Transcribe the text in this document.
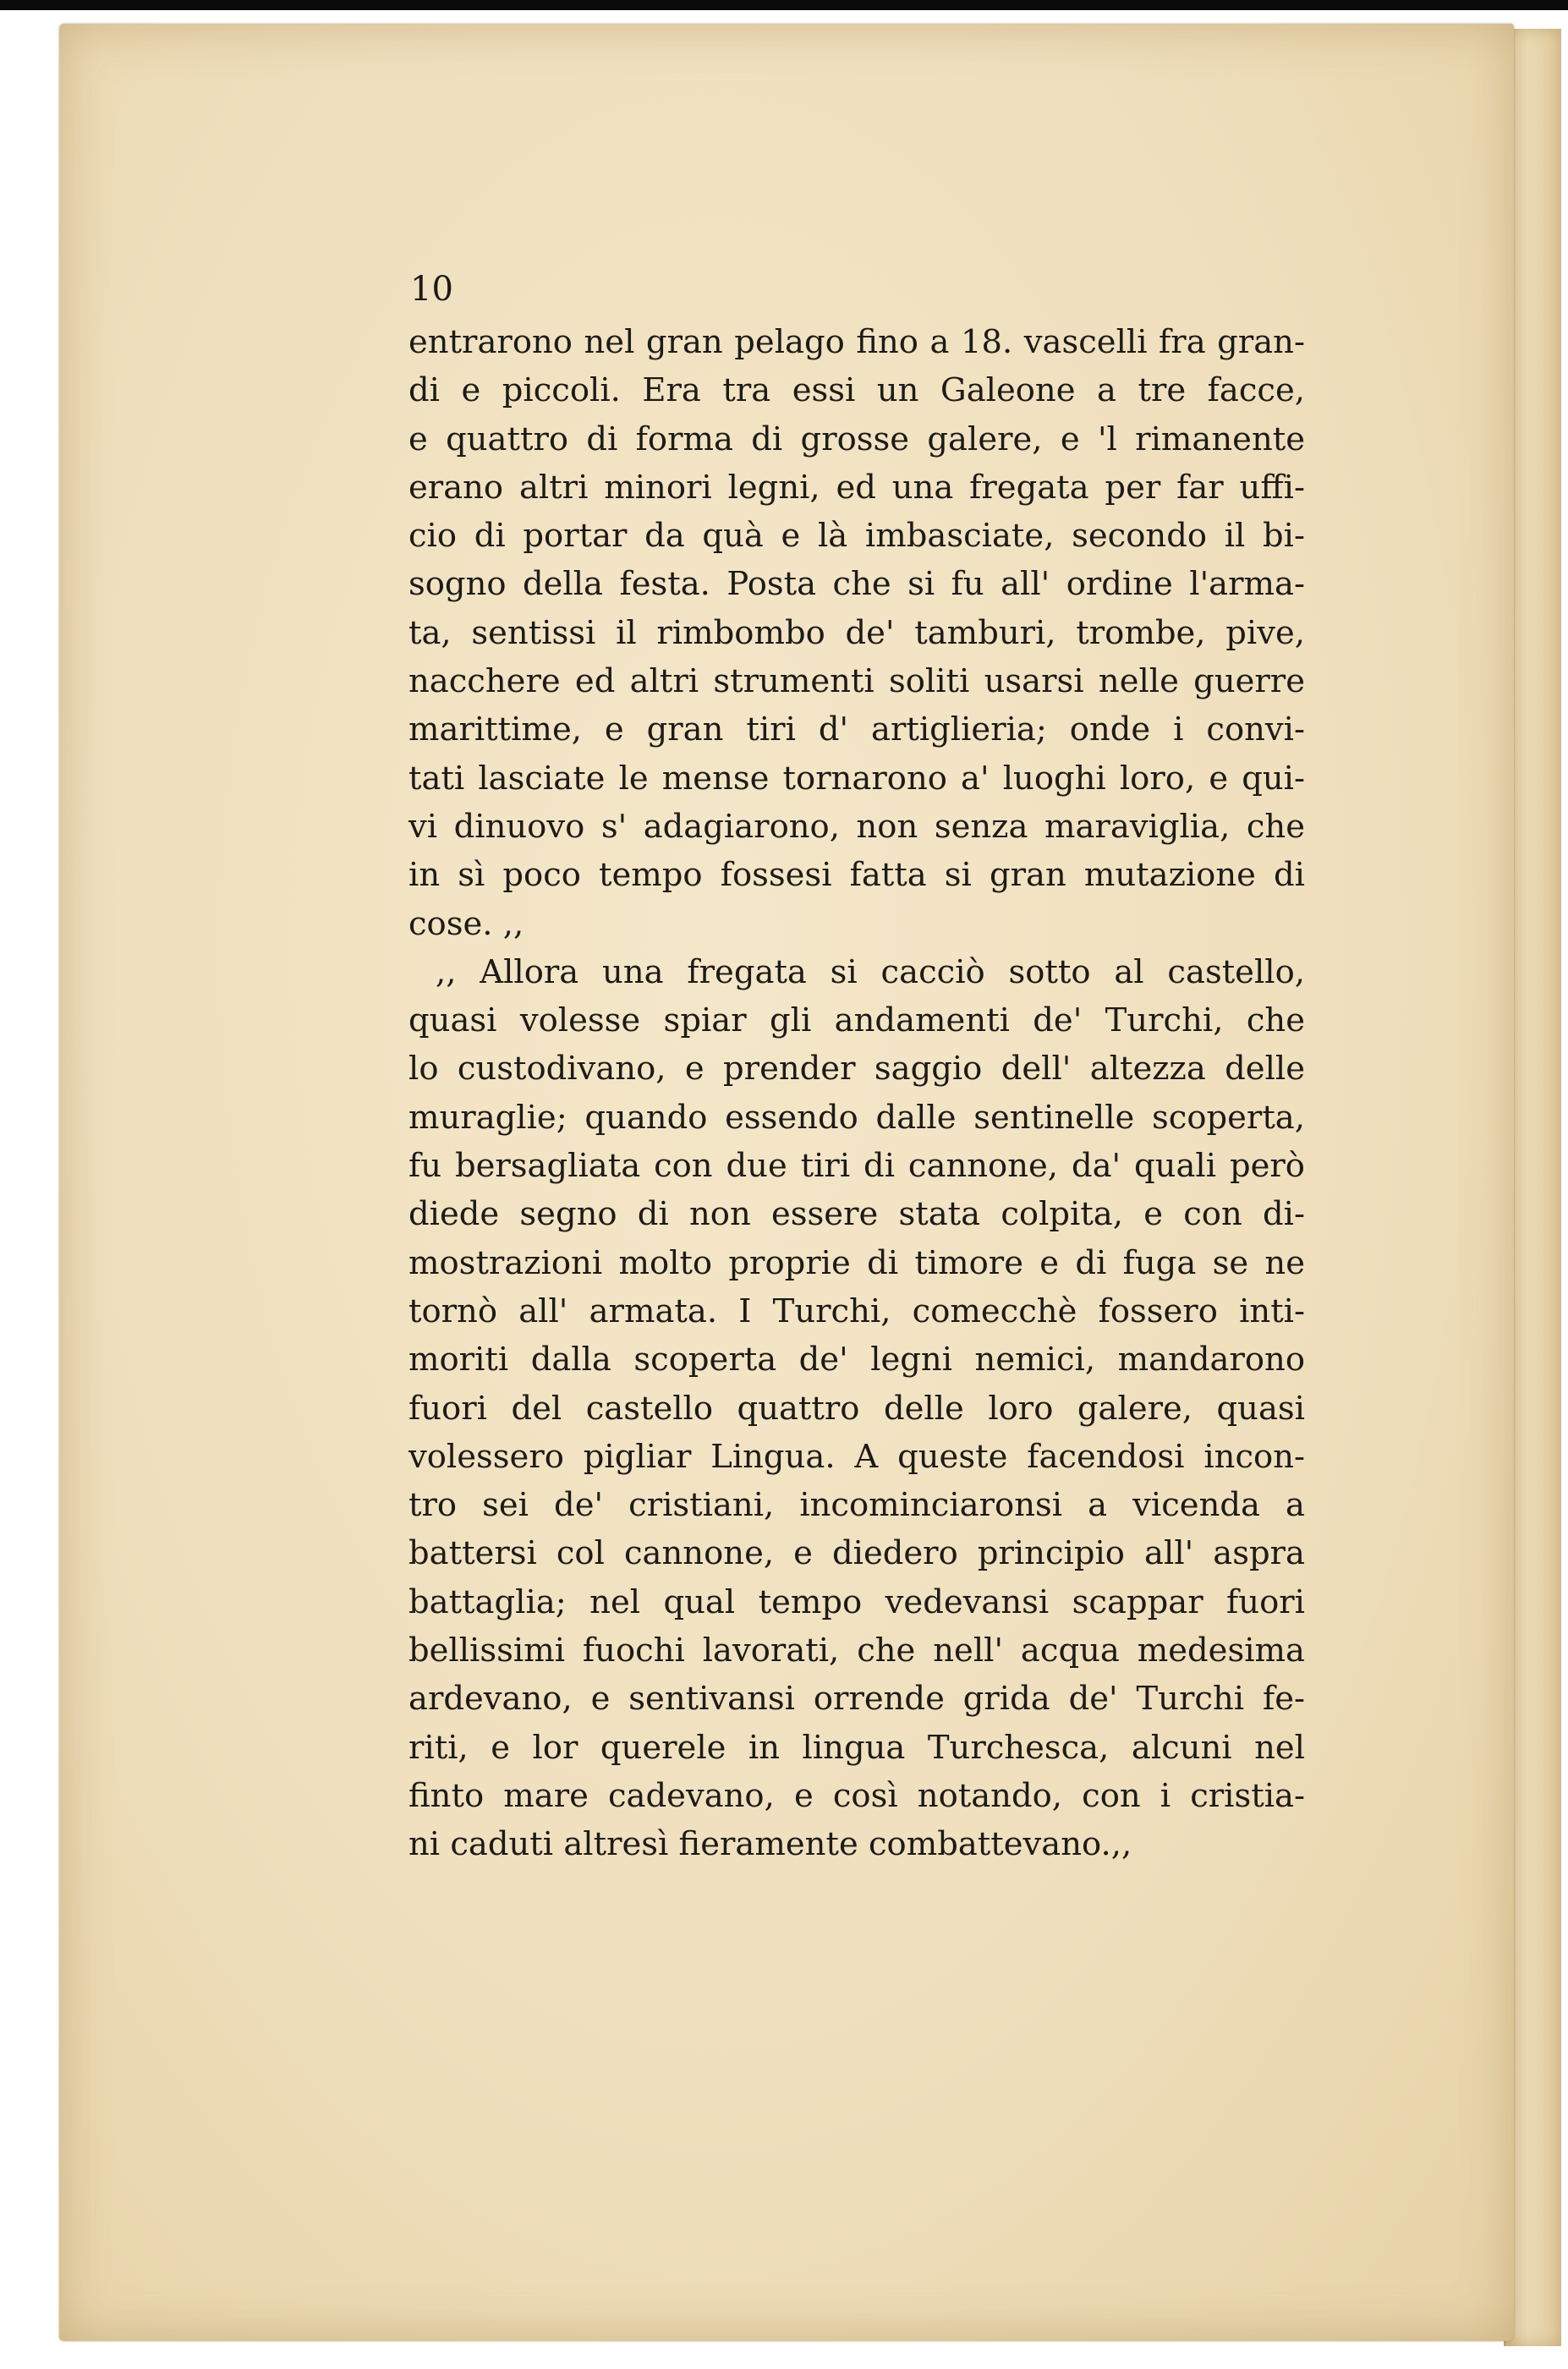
10
entrarono nel gran pelago fino a 18. vascelli fra gran-
di e piccoli. Era tra essi un Galeone a tre facce,
e quattro di forma di grosse galere, e 'l rimanente
erano altri minori legni, ed una fregata per far uffi-
cio di portar da quà e là imbasciate, secondo il bi-
sogno della festa. Posta che si fu all' ordine l'arma-
ta, sentissi il rimbombo de' tamburi, trombe, pive,
nacchere ed altri strumenti soliti usarsi nelle guerre
marittime, e gran tiri d' artiglieria; onde i convi-
tati lasciate le mense tornarono a' luoghi loro, e qui-
vi dinuovo s' adagiarono, non senza maraviglia, che
in sì poco tempo fossesi fatta si gran mutazione di
cose. ,,
,, Allora una fregata si cacciò sotto al castello,
quasi volesse spiar gli andamenti de' Turchi, che
lo custodivano, e prender saggio dell' altezza delle
muraglie; quando essendo dalle sentinelle scoperta,
fu bersagliata con due tiri di cannone, da' quali però
diede segno di non essere stata colpita, e con di-
mostrazioni molto proprie di timore e di fuga se ne
tornò all' armata. I Turchi, comecchè fossero inti-
moriti dalla scoperta de' legni nemici, mandarono
fuori del castello quattro delle loro galere, quasi
volessero pigliar Lingua. A queste facendosi incon-
tro sei de' cristiani, incominciaronsi a vicenda a
battersi col cannone, e diedero principio all' aspra
battaglia; nel qual tempo vedevansi scappar fuori
bellissimi fuochi lavorati, che nell' acqua medesima
ardevano, e sentivansi orrende grida de' Turchi fe-
riti, e lor querele in lingua Turchesca, alcuni nel
finto mare cadevano, e così notando, con i cristia-
ni caduti altresì fieramente combattevano.,,
